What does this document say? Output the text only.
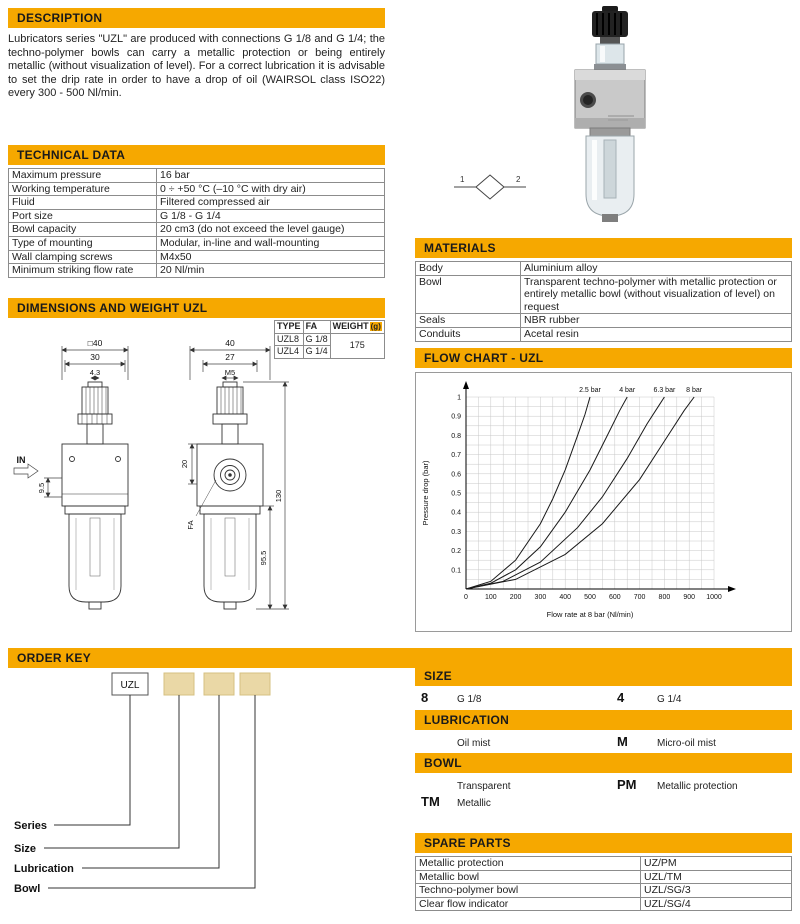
DESCRIPTION

Lubricators series "UZL" are produced with connections G 1/8 and G 1/4; the techno-polymer bowls can carry a metallic protection or being entirely metallic (without visualization of level). For a correct lubrication it is advisable to set the drip rate in order to have a drop of oil (WAIRSOL class ISO22) every 300 - 500 Nl/min.

1	2
TECHNICAL DATA
Maximum pressure	16 bar
Working temperature	0 ÷ +50 °C (–10 °C with dry air)
Fluid	Filtered compressed air
Port size	G 1/8 - G 1/4
Bowl capacity	20 cm3 (do not exceed the level gauge)
Type of mounting	Modular, in-line and wall-mounting
Wall clamping screws	M4x50
Minimum striking flow rate	20 Nl/min
MATERIALS
Body	Aluminium alloy
Bowl	Transparent techno-polymer with metallic protection or entirely metallic bowl (without visualization of level) on request
Seals	NBR rubber
Conduits	Acetal resin
DIMENSIONS AND WEIGHT UZL
TYPE	FA	WEIGHT (g)
UZL8	G 1/8	175
UZL4	G 1/4	
□40
30
4.3
IN
9.5
40
27
M5
20
FA
130
95.5
FLOW CHART - UZL
0 100 200 300 400 500 600 700 800 900 1000
0.1
0.2
0.3
0.4
0.5
0.6
0.7
0.8
0.9
1
2.5 bar	4 bar	6.3 bar 8 bar
Pressure drop (bar)
Flow rate at 8 bar (Nl/min)
ORDER KEY
UZL
Series
Size
Lubrication
Bowl
SIZE
8	G 1/8	4	G 1/4
LUBRICATION
Oil mist	M	Micro-oil mist
BOWL
Transparent	PM	Metallic protection
TM	Metallic
SPARE PARTS
Metallic protection	UZ/PM
Metallic bowl	UZL/TM
Techno-polymer bowl	UZL/SG/3
Clear flow indicator	UZL/SG/4
